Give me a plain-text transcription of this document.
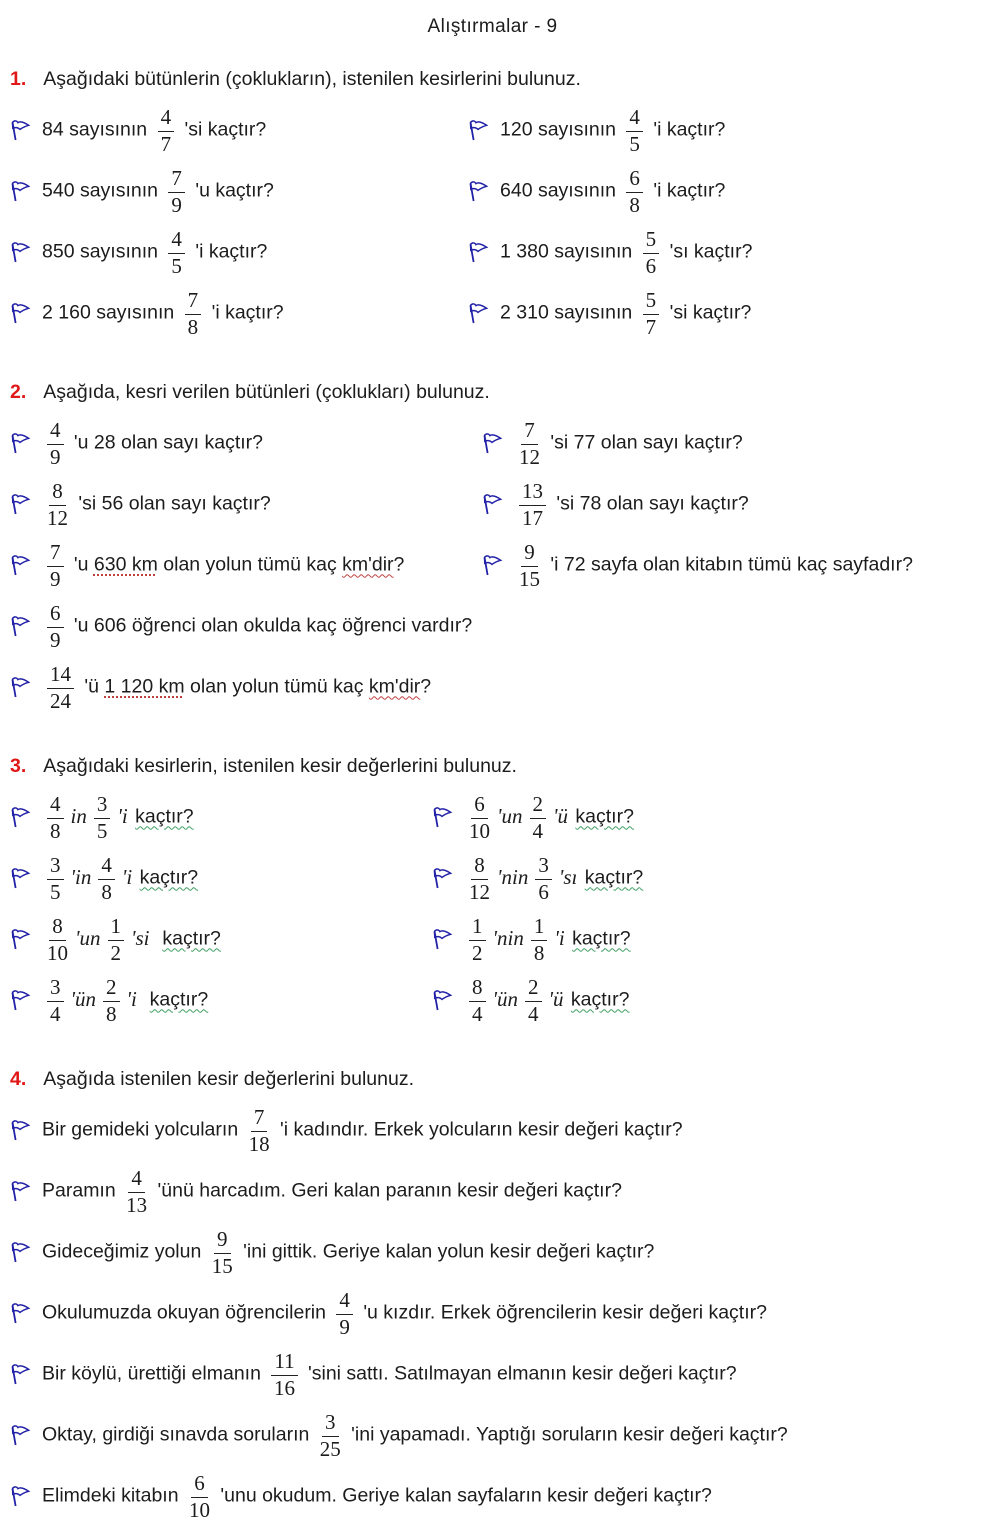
Alıştırmalar - 9
1. Aşağıdaki bütünlerin (çoklukların), istenilen kesirlerini bulunuz.
84 sayısının $\frac{4}{7}$ 'si kaçtır?	120 sayısının $\frac{4}{5}$ 'i kaçtır?
540 sayısının $\frac{7}{9}$ 'u kaçtır?	640 sayısının $\frac{6}{8}$ 'i kaçtır?
850 sayısının $\frac{4}{5}$ 'i kaçtır?	1 380 sayısının $\frac{5}{6}$ 'sı kaçtır?
2 160 sayısının $\frac{7}{8}$ 'i kaçtır?	2 310 sayısının $\frac{5}{7}$ 'si kaçtır?
2. Aşağıda, kesri verilen bütünleri (çoklukları) bulunuz.
$\frac{4}{9}$ 'u 28 olan sayı kaçtır?	$\frac{7}{12}$ 'si 77 olan sayı kaçtır?
$\frac{8}{12}$ 'si 56 olan sayı kaçtır?	$\frac{13}{17}$ 'si 78 olan sayı kaçtır?
$\frac{7}{9}$ 'u 630 km olan yolun tümü kaç km'dir?	$\frac{9}{15}$ 'i 72 sayfa olan kitabın tümü kaç sayfadır?
$\frac{6}{9}$ 'u 606 öğrenci olan okulda kaç öğrenci vardır?
$\frac{14}{24}$ 'ü 1 120 km olan yolun tümü kaç km'dir?
3. Aşağıdaki kesirlerin, istenilen kesir değerlerini bulunuz.
$\frac{4}{8}$ in $\frac{3}{5}$ 'i kaçtır?	$\frac{6}{10}$ 'un $\frac{2}{4}$ 'ü kaçtır?
$\frac{3}{5}$ 'in $\frac{4}{8}$ 'i kaçtır?	$\frac{8}{12}$ 'nin $\frac{3}{6}$ 'sı kaçtır?
$\frac{8}{10}$ 'un $\frac{1}{2}$ 'si kaçtır?	$\frac{1}{2}$ 'nin $\frac{1}{8}$ 'i kaçtır?
$\frac{3}{4}$ 'ün $\frac{2}{8}$ 'i kaçtır?	$\frac{8}{4}$ 'ün $\frac{2}{4}$ 'ü kaçtır?
4. Aşağıda istenilen kesir değerlerini bulunuz.
Bir gemideki yolcuların $\frac{7}{18}$ 'i kadındır. Erkek yolcuların kesir değeri kaçtır?
Paramın $\frac{4}{13}$ 'ünü harcadım. Geri kalan paranın kesir değeri kaçtır?
Gideceğimiz yolun $\frac{9}{15}$ 'ini gittik. Geriye kalan yolun kesir değeri kaçtır?
Okulumuzda okuyan öğrencilerin $\frac{4}{9}$ 'u kızdır. Erkek öğrencilerin kesir değeri kaçtır?
Bir köylü, ürettiği elmanın $\frac{11}{16}$ 'sini sattı. Satılmayan elmanın kesir değeri kaçtır?
Oktay, girdiği sınavda soruların $\frac{3}{25}$ 'ini yapamadı. Yaptığı soruların kesir değeri kaçtır?
Elimdeki kitabın $\frac{6}{10}$ 'unu okudum. Geriye kalan sayfaların kesir değeri kaçtır?
